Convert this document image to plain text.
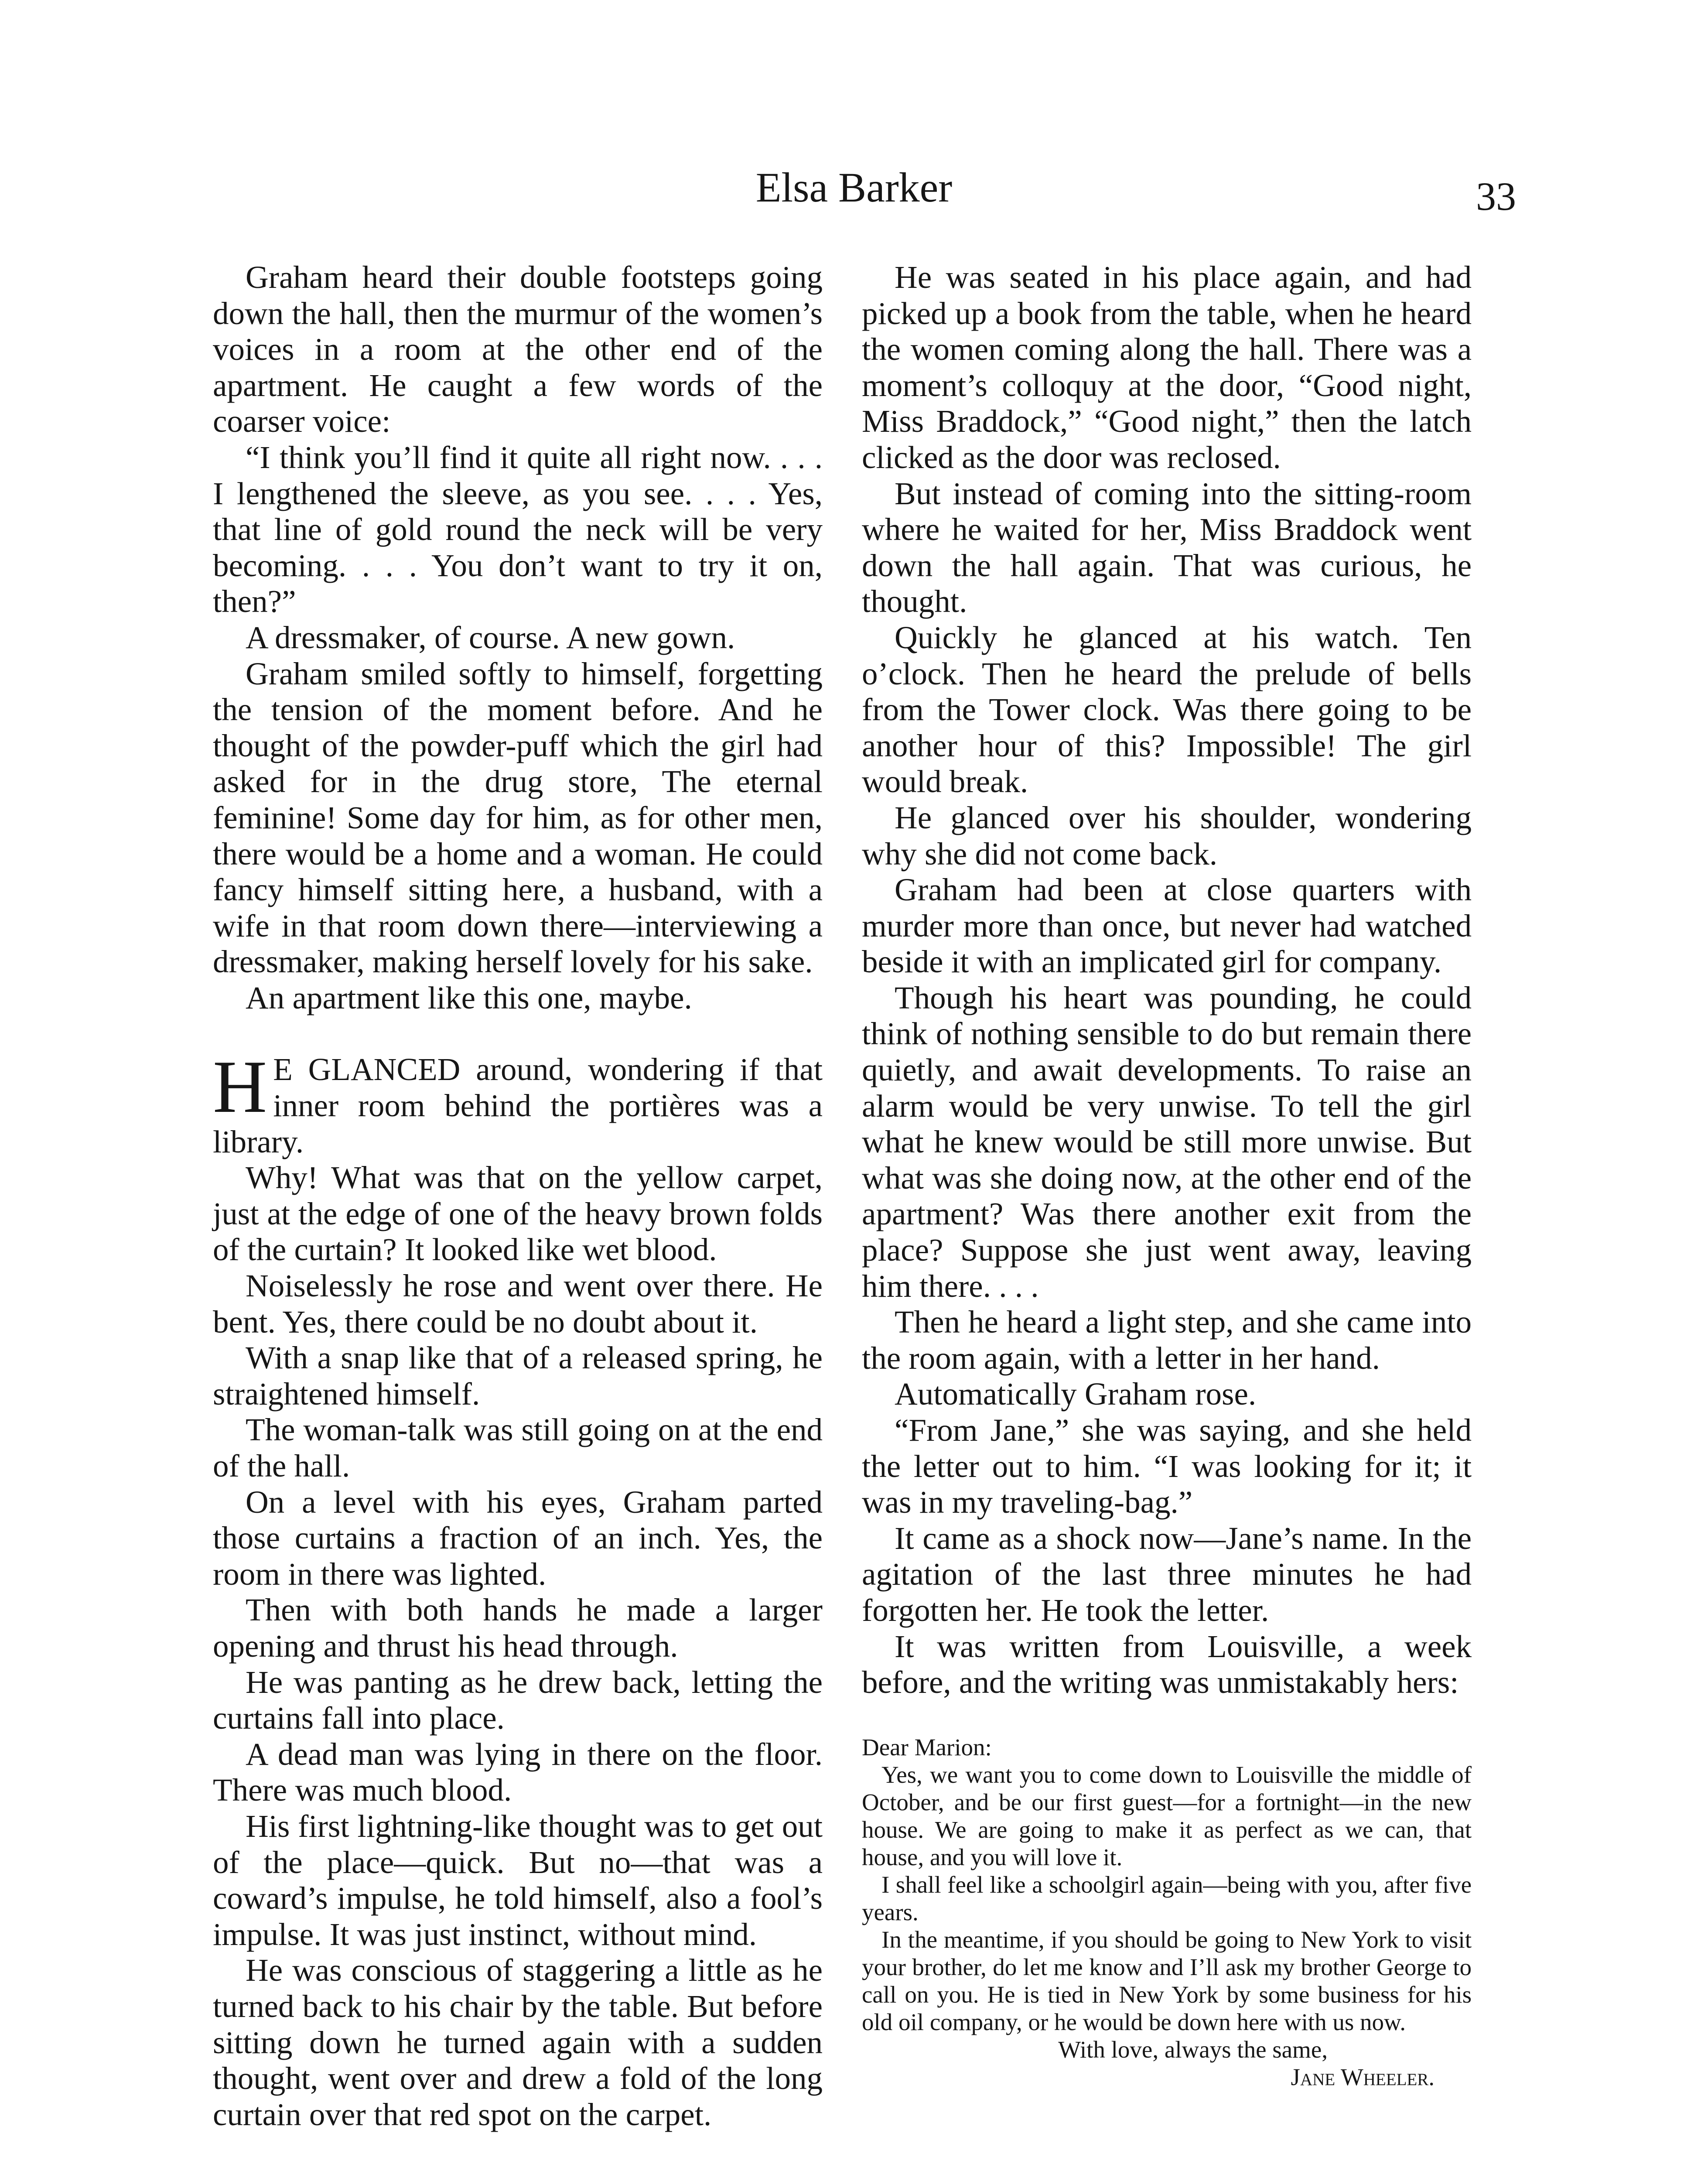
Elsa Barker	33

Graham heard their double footsteps going down the hall, then the murmur of the women’s voices in a room at the other end of the apartment. He caught a few words of the coarser voice:

“I think you’ll find it quite all right now. . . . I lengthened the sleeve, as you see. . . . Yes, that line of gold round the neck will be very becoming. . . . You don’t want to try it on, then?”

A dressmaker, of course. A new gown.

Graham smiled softly to himself, forgetting the tension of the moment before. And he thought of the powder-puff which the girl had asked for in the drug store, The eternal feminine! Some day for him, as for other men, there would be a home and a woman. He could fancy himself sitting here, a husband, with a wife in that room down there—interviewing a dressmaker, making herself lovely for his sake.

An apartment like this one, maybe.

H E GLANCED around, wondering if that inner room behind the portières was a library.

Why! What was that on the yellow carpet, just at the edge of one of the heavy brown folds of the curtain? It looked like wet blood.

Noiselessly he rose and went over there. He bent. Yes, there could be no doubt about it.

With a snap like that of a released spring, he straightened himself.

The woman-talk was still going on at the end of the hall.

On a level with his eyes, Graham parted those curtains a fraction of an inch. Yes, the room in there was lighted.

Then with both hands he made a larger opening and thrust his head through.

He was panting as he drew back, letting the curtains fall into place.

A dead man was lying in there on the floor. There was much blood.

His first lightning-like thought was to get out of the place—quick. But no—that was a coward’s impulse, he told himself, also a fool’s impulse. It was just instinct, without mind.

He was conscious of staggering a little as he turned back to his chair by the table. But before sitting down he turned again with a sudden thought, went over and drew a fold of the long curtain over that red spot on the carpet.

He was seated in his place again, and had picked up a book from the table, when he heard the women coming along the hall. There was a moment’s colloquy at the door, “Good night, Miss Braddock,” “Good night,” then the latch clicked as the door was reclosed.

But instead of coming into the sitting-room where he waited for her, Miss Braddock went down the hall again. That was curious, he thought.

Quickly he glanced at his watch. Ten o’clock. Then he heard the prelude of bells from the Tower clock. Was there going to be another hour of this? Impossible! The girl would break.

He glanced over his shoulder, wondering why she did not come back.

Graham had been at close quarters with murder more than once, but never had watched beside it with an implicated girl for company.

Though his heart was pounding, he could think of nothing sensible to do but remain there quietly, and await developments. To raise an alarm would be very unwise. To tell the girl what he knew would be still more unwise. But what was she doing now, at the other end of the apartment? Was there another exit from the place? Suppose she just went away, leaving him there. . . .

Then he heard a light step, and she came into the room again, with a letter in her hand.

Automatically Graham rose.

“From Jane,” she was saying, and she held the letter out to him. “I was looking for it; it was in my traveling-bag.”

It came as a shock now—Jane’s name. In the agitation of the last three minutes he had forgotten her. He took the letter.

It was written from Louisville, a week before, and the writing was unmistakably hers:

Dear Marion:

Yes, we want you to come down to Louisville the middle of October, and be our first guest—for a fortnight—in the new house. We are going to make it as perfect as we can, that house, and you will love it.

I shall feel like a schoolgirl again—being with you, after five years.

In the meantime, if you should be going to New York to visit your brother, do let me know and I’ll ask my brother George to call on you. He is tied in New York by some business for his old oil company, or he would be down here with us now.

With love, always the same,

Jane Wheeler.
